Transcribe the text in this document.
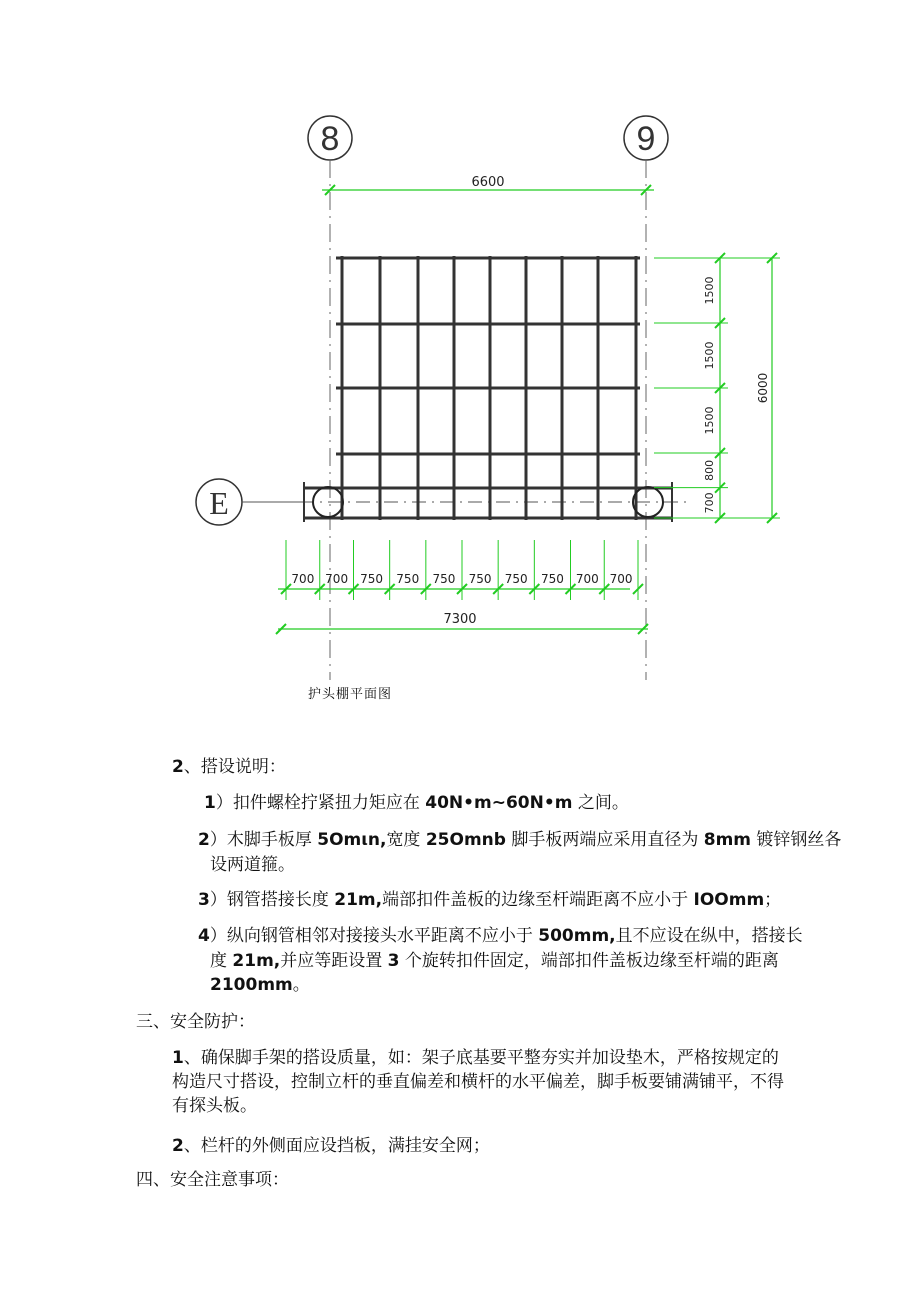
8	9
E
6600
6000
1500
1500
1500
800
700
7300
700 700 750 750 750 750 750 750 700 700
护头棚平面图
2、搭设说明：
1）扣件螺栓拧紧扭力矩应在 40N•m~60N•m 之间。
2）木脚手板厚 5Omιn,宽度 25Omnb 脚手板两端应采用直径为 8mm 镀锌钢丝各
设两道箍。
3）钢管搭接长度 21m,端部扣件盖板的边缘至杆端距离不应小于 IOOmm；
4）纵向钢管相邻对接接头水平距离不应小于 500mm,且不应设在纵中，搭接长
度 21m,并应等距设置 3 个旋转扣件固定，端部扣件盖板边缘至杆端的距离
2100mm。
三、安全防护：
1、确保脚手架的搭设质量，如：架子底基要平整夯实并加设垫木，严格按规定的构造尺寸搭设，控制立杆的垂直偏差和横杆的水平偏差，脚手板要铺满铺平，不得有探头板。
2、栏杆的外侧面应设挡板，满挂安全网；
四、安全注意事项：
